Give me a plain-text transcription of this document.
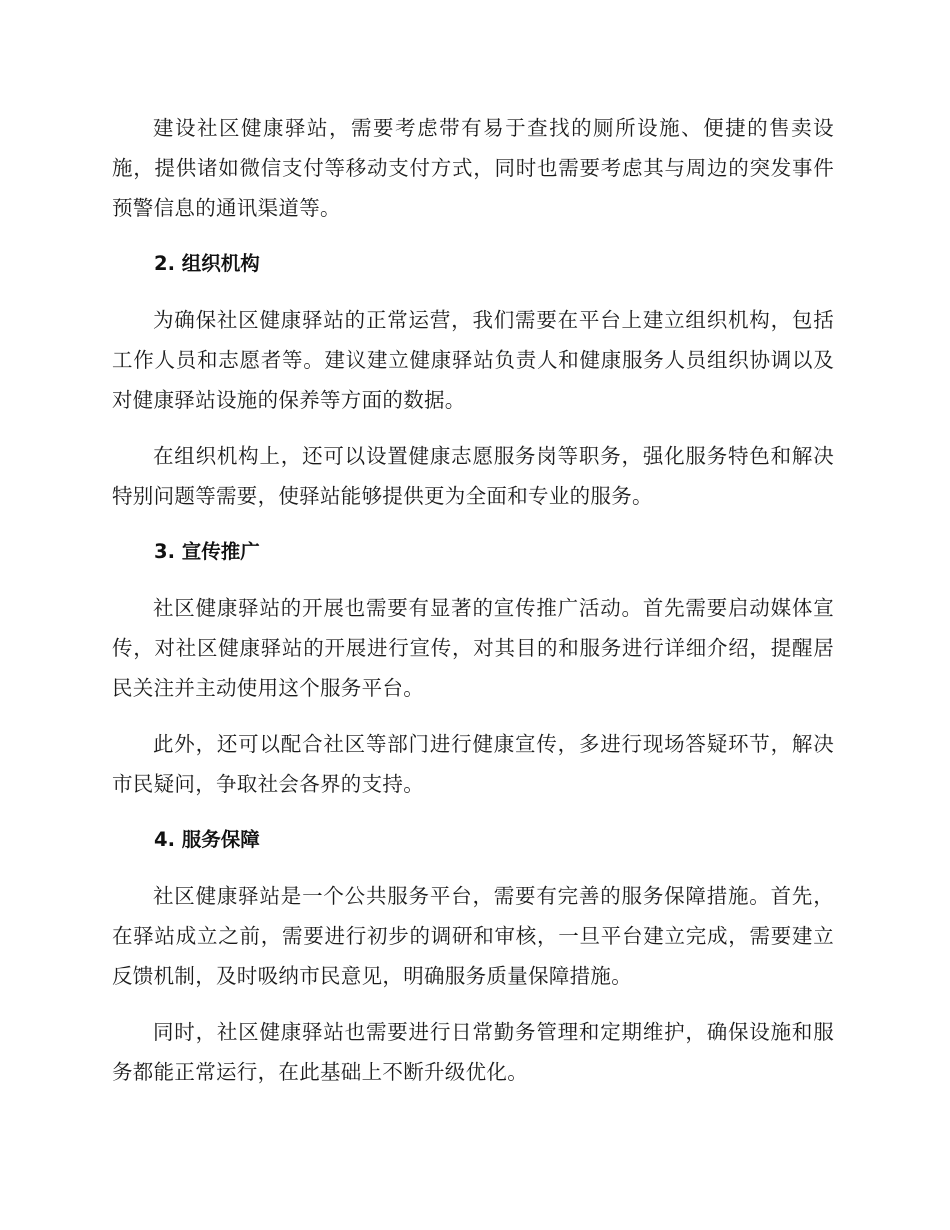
建设社区健康驿站，需要考虑带有易于查找的厕所设施、便捷的售卖设施，提供诸如微信支付等移动支付方式，同时也需要考虑其与周边的突发事件预警信息的通讯渠道等。

2. 组织机构

为确保社区健康驿站的正常运营，我们需要在平台上建立组织机构，包括工作人员和志愿者等。建议建立健康驿站负责人和健康服务人员组织协调以及对健康驿站设施的保养等方面的数据。

在组织机构上，还可以设置健康志愿服务岗等职务，强化服务特色和解决特别问题等需要，使驿站能够提供更为全面和专业的服务。

3. 宣传推广

社区健康驿站的开展也需要有显著的宣传推广活动。首先需要启动媒体宣传，对社区健康驿站的开展进行宣传，对其目的和服务进行详细介绍，提醒居民关注并主动使用这个服务平台。

此外，还可以配合社区等部门进行健康宣传，多进行现场答疑环节，解决市民疑问，争取社会各界的支持。

4. 服务保障

社区健康驿站是一个公共服务平台，需要有完善的服务保障措施。首先，在驿站成立之前，需要进行初步的调研和审核，一旦平台建立完成，需要建立反馈机制，及时吸纳市民意见，明确服务质量保障措施。

同时，社区健康驿站也需要进行日常勤务管理和定期维护，确保设施和服务都能正常运行，在此基础上不断升级优化。
